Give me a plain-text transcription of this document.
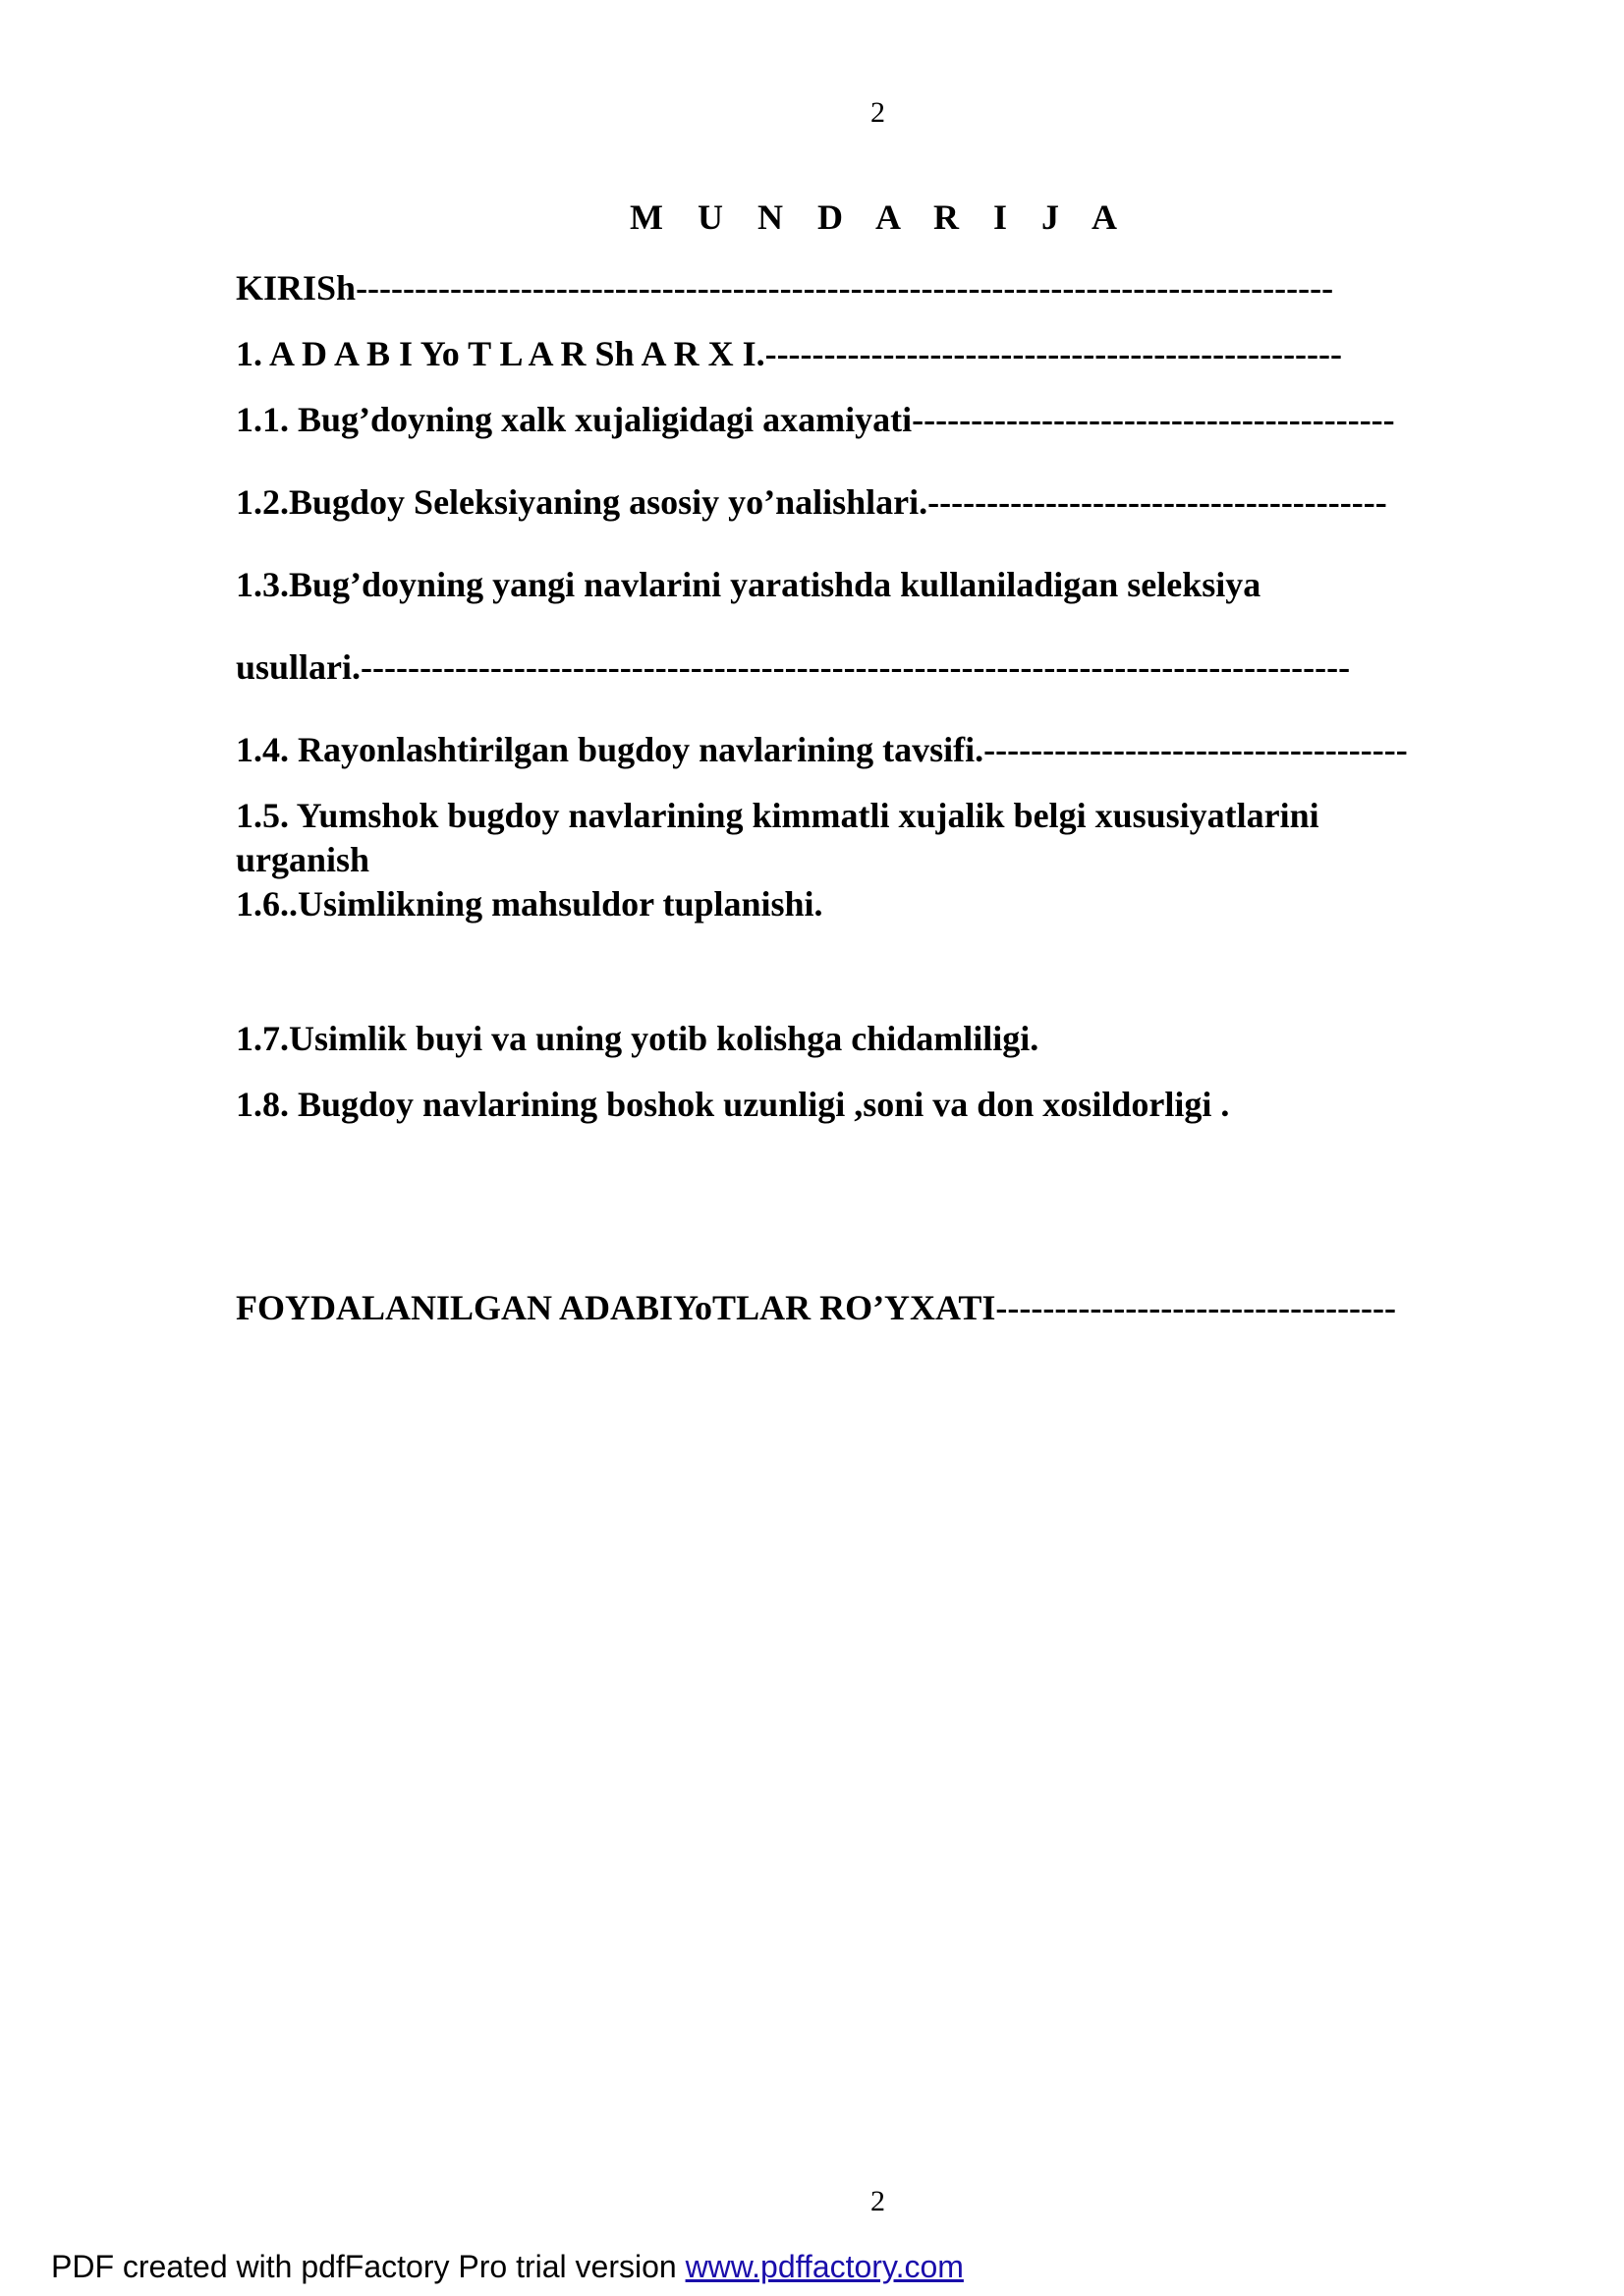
2
M U N D A R I J A
KIRISh-----------------------------------------------------------------------------------
1. A D A B I Yo T L A R Sh A R X I.-------------------------------------------------
1.1. Bug’doyning xalk xujaligidagi axamiyati-----------------------------------------
1.2.Bugdoy Seleksiyaning asosiy yo’nalishlari.---------------------------------------
1.3.Bug’doyning yangi navlarini yaratishda kullaniladigan seleksiya
usullari.------------------------------------------------------------------------------------
1.4. Rayonlashtirilgan bugdoy navlarining tavsifi.------------------------------------
1.5. Yumshok bugdoy navlarining kimmatli xujalik belgi xususiyatlarini
urganish
1.6..Usimlikning mahsuldor tuplanishi.
1.7.Usimlik buyi va uning yotib kolishga chidamliligi.
1.8. Bugdoy navlarining boshok uzunligi ,soni va don xosildorligi .
FOYDALANILGAN ADABIYoTLAR RO’YXATI----------------------------------
2
PDF created with pdfFactory Pro trial version www.pdffactory.com
